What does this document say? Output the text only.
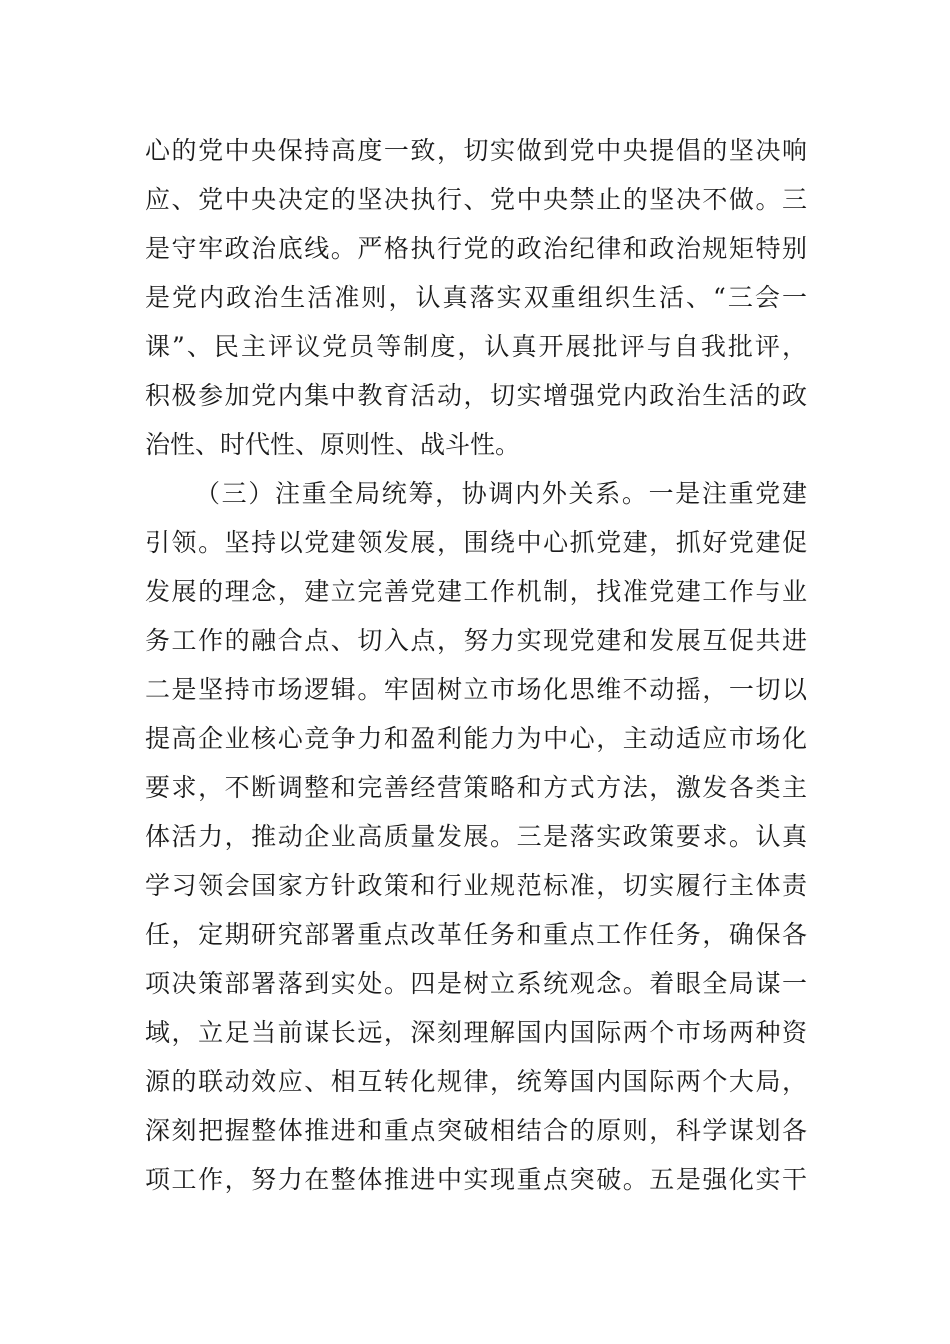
心的党中央保持高度一致，切实做到党中央提倡的坚决响
应、党中央决定的坚决执行、党中央禁止的坚决不做。三
是守牢政治底线。严格执行党的政治纪律和政治规矩特别
是党内政治生活准则，认真落实双重组织生活、“三会一
课”、民主评议党员等制度，认真开展批评与自我批评，
积极参加党内集中教育活动，切实增强党内政治生活的政
治性、时代性、原则性、战斗性。
（三）注重全局统筹，协调内外关系。一是注重党建
引领。坚持以党建领发展，围绕中心抓党建，抓好党建促
发展的理念，建立完善党建工作机制，找准党建工作与业
务工作的融合点、切入点，努力实现党建和发展互促共进
二是坚持市场逻辑。牢固树立市场化思维不动摇，一切以
提高企业核心竞争力和盈利能力为中心，主动适应市场化
要求，不断调整和完善经营策略和方式方法，激发各类主
体活力，推动企业高质量发展。三是落实政策要求。认真
学习领会国家方针政策和行业规范标准，切实履行主体责
任，定期研究部署重点改革任务和重点工作任务，确保各
项决策部署落到实处。四是树立系统观念。着眼全局谋一
域，立足当前谋长远，深刻理解国内国际两个市场两种资
源的联动效应、相互转化规律，统筹国内国际两个大局，
深刻把握整体推进和重点突破相结合的原则，科学谋划各
项工作，努力在整体推进中实现重点突破。五是强化实干
